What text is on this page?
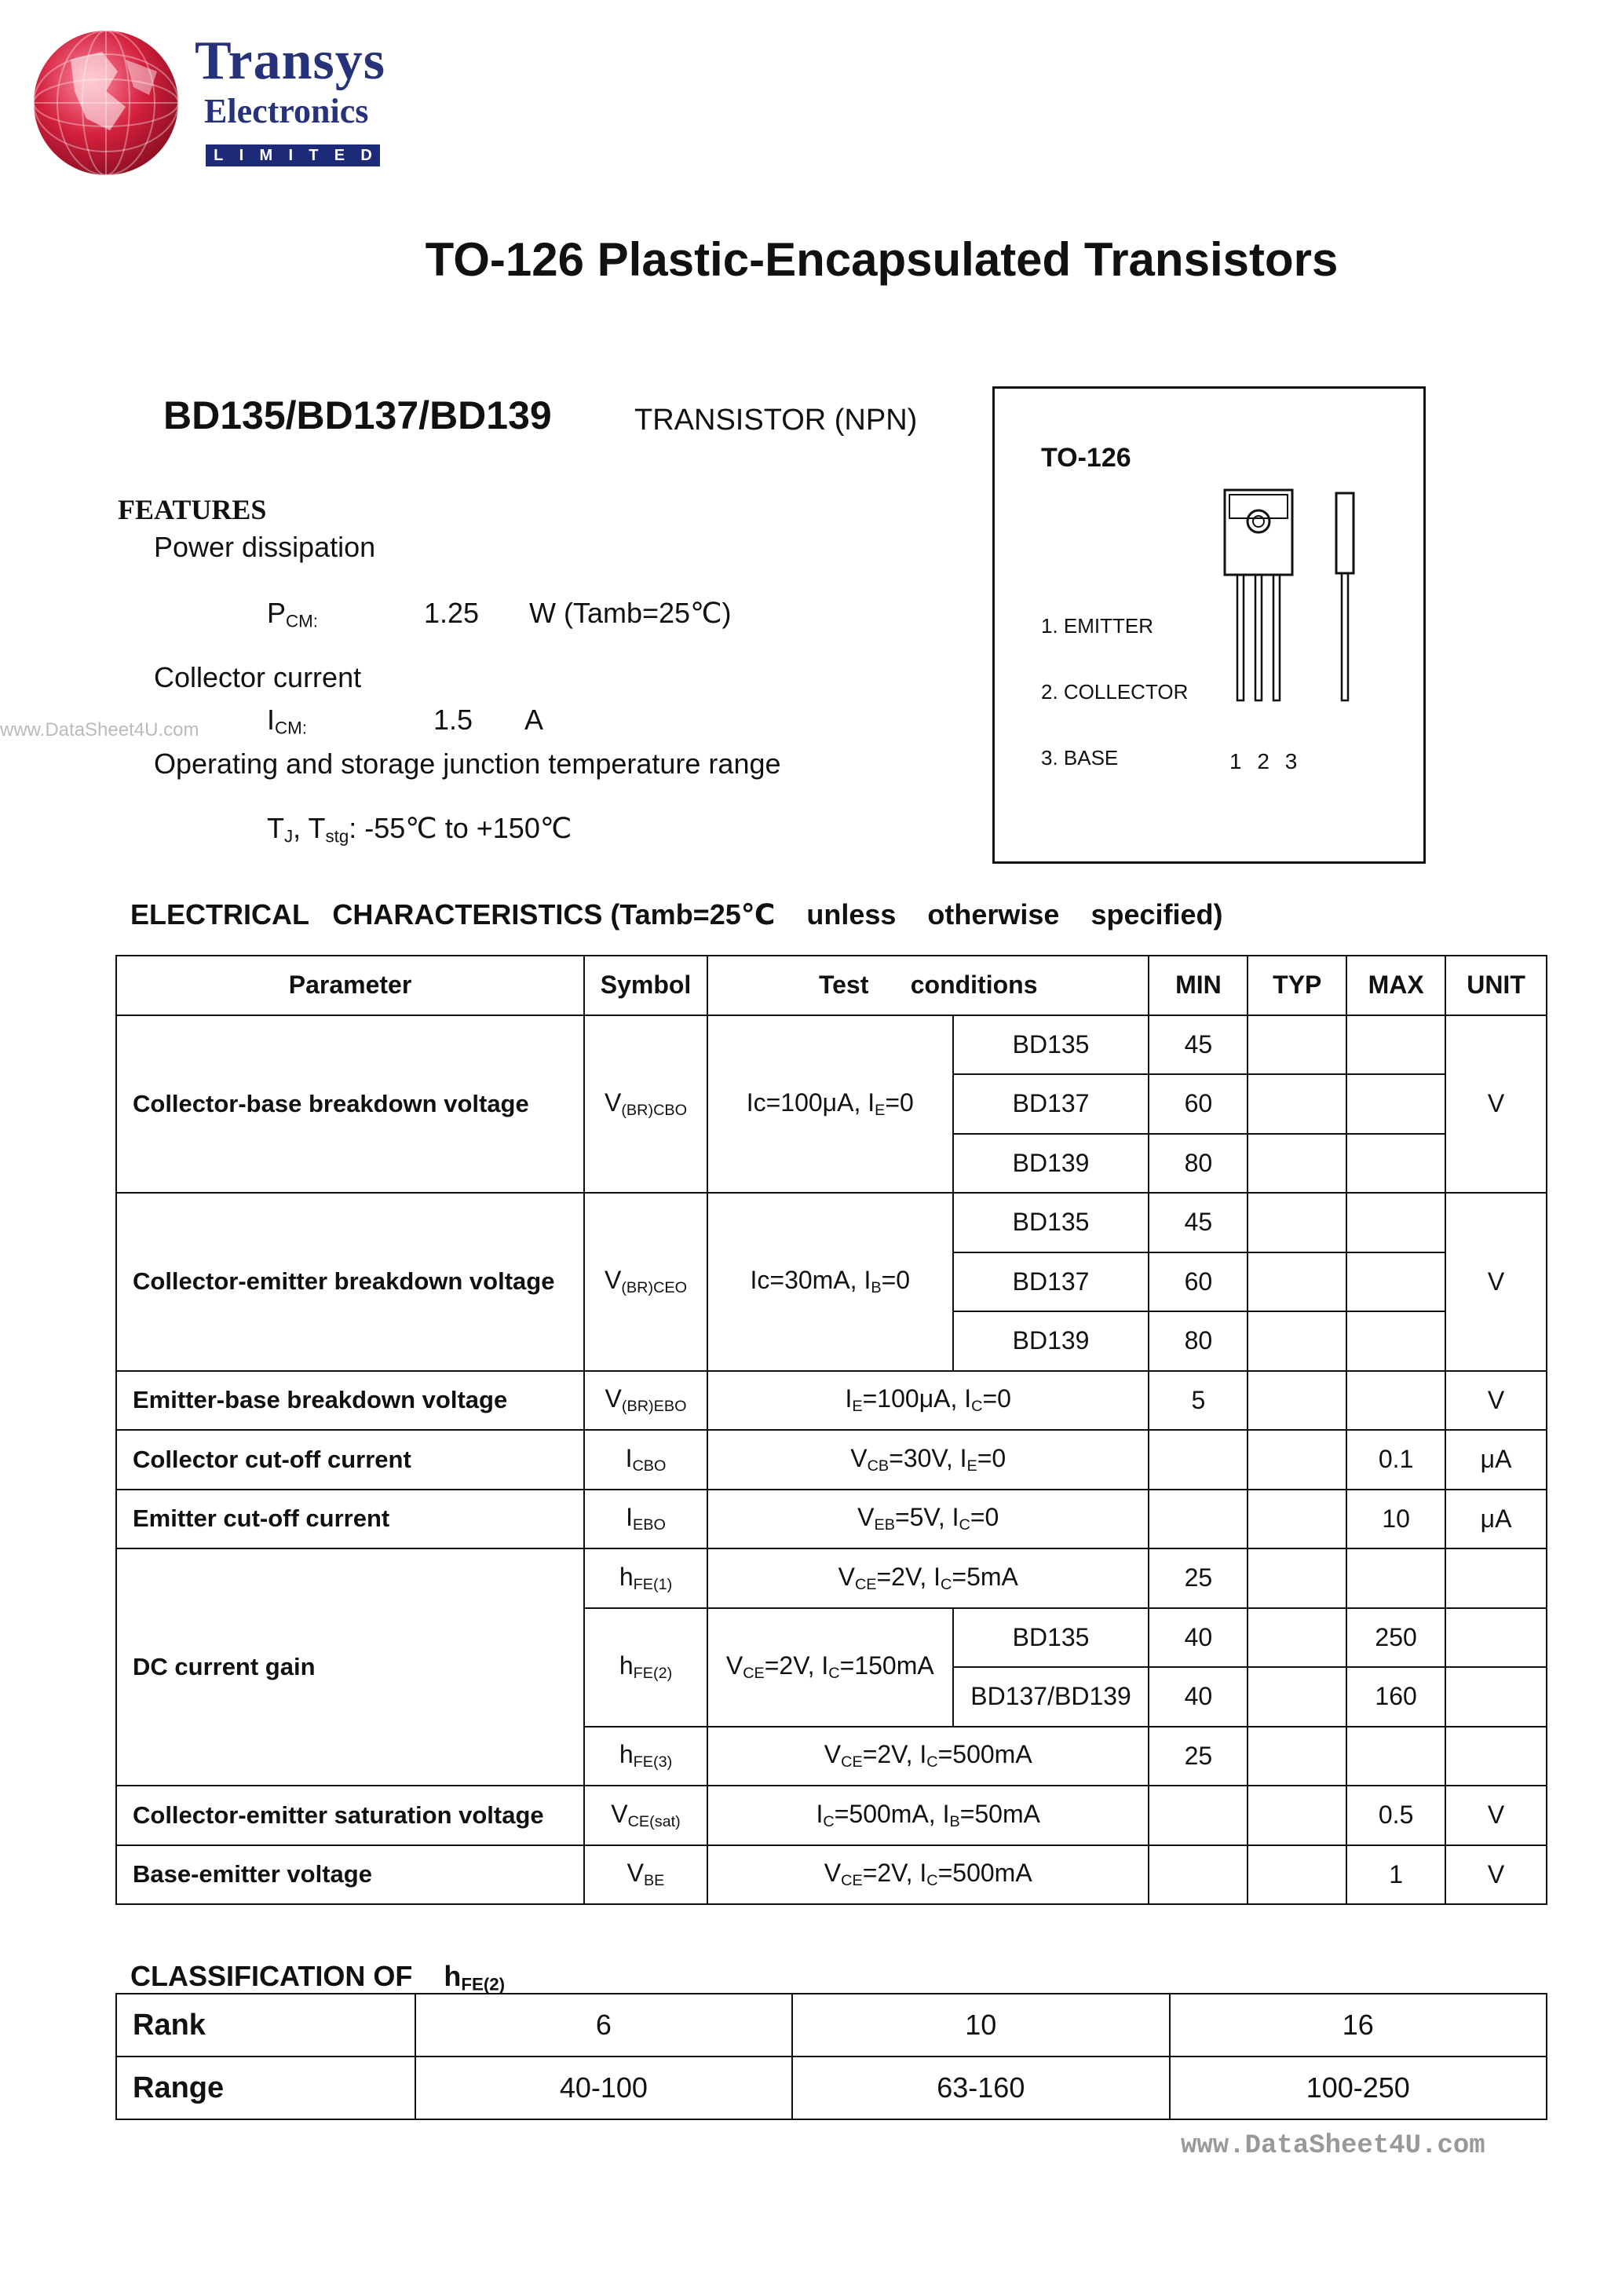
Transys
Electronics
L I M I T E D
TO-126 Plastic-Encapsulated Transistors
BD135/BD137/BD139	TRANSISTOR (NPN)
FEATURES
Power dissipation
$P_{CM:}$	1.25 W (Tamb=25℃)
Collector current
$I_{CM:}$	1.5 A
Operating and storage junction temperature range
$T_J$, $T_{stg}$: -55℃ to +150℃
www.DataSheet4U.com
TO-126
1. EMITTER
2. COLLECTOR
3. BASE	1 2 3
ELECTRICAL   CHARACTERISTICS (Tamb=25℃    unless    otherwise    specified)
Parameter	Symbol	Test      conditions		MIN	TYP	MAX	UNIT
Collector-base breakdown voltage	$V_{(BR)CBO}$	Ic=100μA, $I_E=0$	BD135	45			V
			BD137	60			
			BD139	80			
Collector-emitter breakdown voltage	$V_{(BR)CEO}$	Ic=30mA, $I_B=0$	BD135	45			V
			BD137	60			
			BD139	80			
Emitter-base breakdown voltage	$V_{(BR)EBO}$	$I_E=100\mu A$, $I_C=0$		5			V
Collector cut-off current	$I_{CBO}$	$V_{CB}=30V$, $I_E=0$				0.1	μA
Emitter cut-off current	$I_{EBO}$	$V_{EB}=5V$, $I_C=0$				10	μA
DC current gain	$h_{FE(1)}$	$V_{CE}=2V$, $I_C=5mA$		25			
	$h_{FE(2)}$	$V_{CE}=2V$, $I_C=150mA$	BD135	40		250	
			BD137/BD139	40		160	
	$h_{FE(3)}$	$V_{CE}=2V$, $I_C=500mA$		25			
Collector-emitter saturation voltage	$V_{CE(sat)}$	$I_C=500mA$, $I_B=50mA$				0.5	V
Base-emitter voltage	$V_{BE}$	$V_{CE}=2V$, $I_C=500mA$				1	V
CLASSIFICATION OF    $h_{FE(2)}$
Rank	6	10	16
Range	40-100	63-160	100-250
www.DataSheet4U.com
